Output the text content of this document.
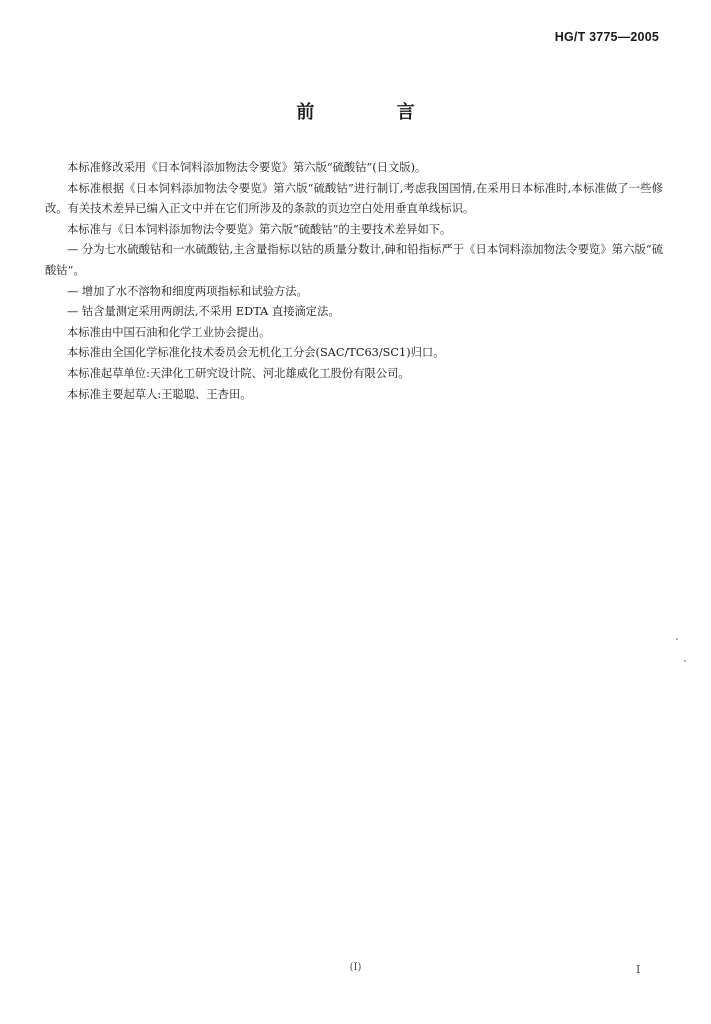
HG/T 3775—2005
前 言

本标准修改采用《日本饲料添加物法令要览》第六版“硫酸钴”(日文版)。

本标准根据《日本饲料添加物法令要览》第六版“硫酸钴”进行制订,考虑我国国情,在采用日本标准时,本标准做了一些修改。有关技术差异已编入正文中并在它们所涉及的条款的页边空白处用垂直单线标识。

本标准与《日本饲料添加物法令要览》第六版“硫酸钴”的主要技术差异如下。

— 分为七水硫酸钴和一水硫酸钴,主含量指标以钴的质量分数计,砷和铅指标严于《日本饲料添加物法令要览》第六版“硫酸钴”。

— 增加了水不溶物和细度两项指标和试验方法。

— 钴含量测定采用两朗法,不采用 EDTA 直接滴定法。

本标准由中国石油和化学工业协会提出。

本标准由全国化学标准化技术委员会无机化工分会(SAC/TC63/SC1)归口。

本标准起草单位:天津化工研究设计院、河北雄威化工股份有限公司。

本标准主要起草人:王聪聪、王杏田。

(I)	I
